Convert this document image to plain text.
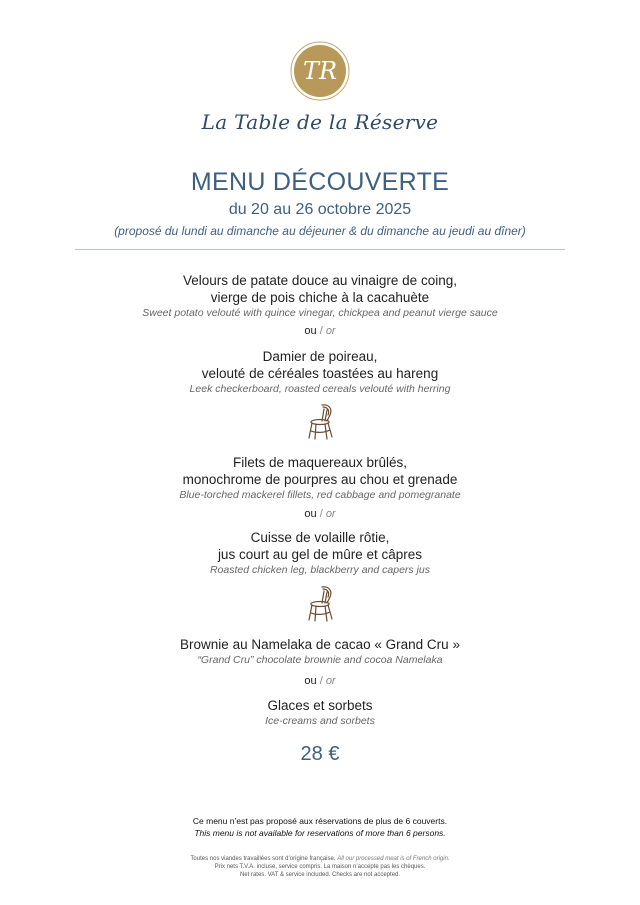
TR
La Table de la Réserve
MENU DÉCOUVERTE
du 20 au 26 octobre 2025
(proposé du lundi au dimanche au déjeuner & du dimanche au jeudi au dîner)
Velours de patate douce au vinaigre de coing,
vierge de pois chiche à la cacahuète
Sweet potato velouté with quince vinegar, chickpea and peanut vierge sauce
ou / or
Damier de poireau,
velouté de céréales toastées au hareng
Leek checkerboard, roasted cereals velouté with herring
Filets de maquereaux brûlés,
monochrome de pourpres au chou et grenade
Blue-torched mackerel fillets, red cabbage and pomegranate
ou / or
Cuisse de volaille rôtie,
jus court au gel de mûre et câpres
Roasted chicken leg, blackberry and capers jus
Brownie au Namelaka de cacao « Grand Cru »
“Grand Cru” chocolate brownie and cocoa Namelaka
ou / or
Glaces et sorbets
Ice-creams and sorbets
28 €
Ce menu n’est pas proposé aux réservations de plus de 6 couverts.
This menu is not available for reservations of more than 6 persons.
Toutes nos viandes travaillées sont d’origine française. All our processed meat is of French origin.
Prix nets T.V.A. incluse, service compris. La maison n’accepte pas les chèques.
Net rates. VAT & service included. Checks are not accepted.
